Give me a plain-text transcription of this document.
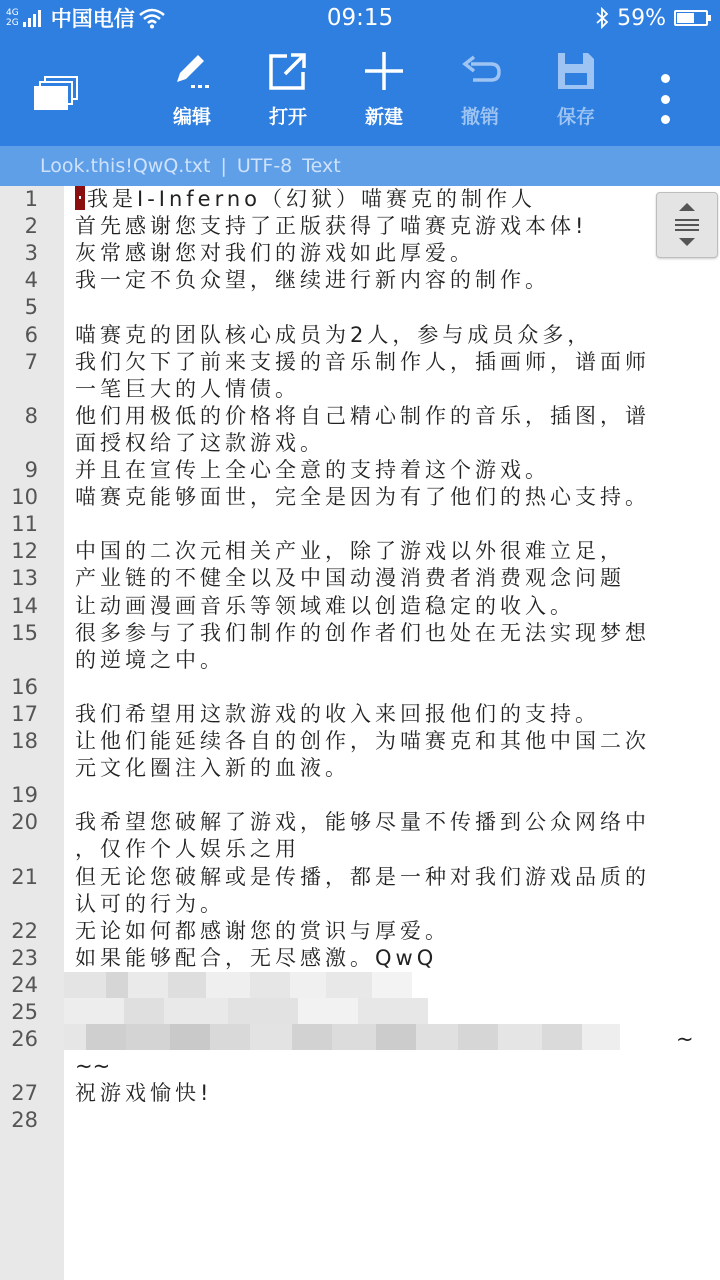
4G
2G 中国电信	09:15	59%
编辑	打开	新建	撤销	保存
Look.this!QwQ.txt | UTF-8 Text
1	我是I-Inferno（幻狱）喵赛克的制作人
2 首先感谢您支持了正版获得了喵赛克游戏本体!
3 灰常感谢您对我们的游戏如此厚爱。
4 我一定不负众望，继续进行新内容的制作。
5
6 喵赛克的团队核心成员为2人，参与成员众多，
7 我们欠下了前来支援的音乐制作人，插画师，谱面师
一笔巨大的人情债。
8 他们用极低的价格将自己精心制作的音乐，插图，谱
面授权给了这款游戏。
9 并且在宣传上全心全意的支持着这个游戏。
10 喵赛克能够面世，完全是因为有了他们的热心支持。
11
12 中国的二次元相关产业，除了游戏以外很难立足，
13 产业链的不健全以及中国动漫消费者消费观念问题
14 让动画漫画音乐等领域难以创造稳定的收入。
15 很多参与了我们制作的创作者们也处在无法实现梦想
的逆境之中。
16
17 我们希望用这款游戏的收入来回报他们的支持。
18 让他们能延续各自的创作，为喵赛克和其他中国二次
元文化圈注入新的血液。
19
20 我希望您破解了游戏，能够尽量不传播到公众网络中
，仅作个人娱乐之用
21 但无论您破解或是传播，都是一种对我们游戏品质的
认可的行为。
22 无论如何都感谢您的赏识与厚爱。
23 如果能够配合，无尽感激。QwQ
24
25
26	~
~~
27 祝游戏愉快!
28
